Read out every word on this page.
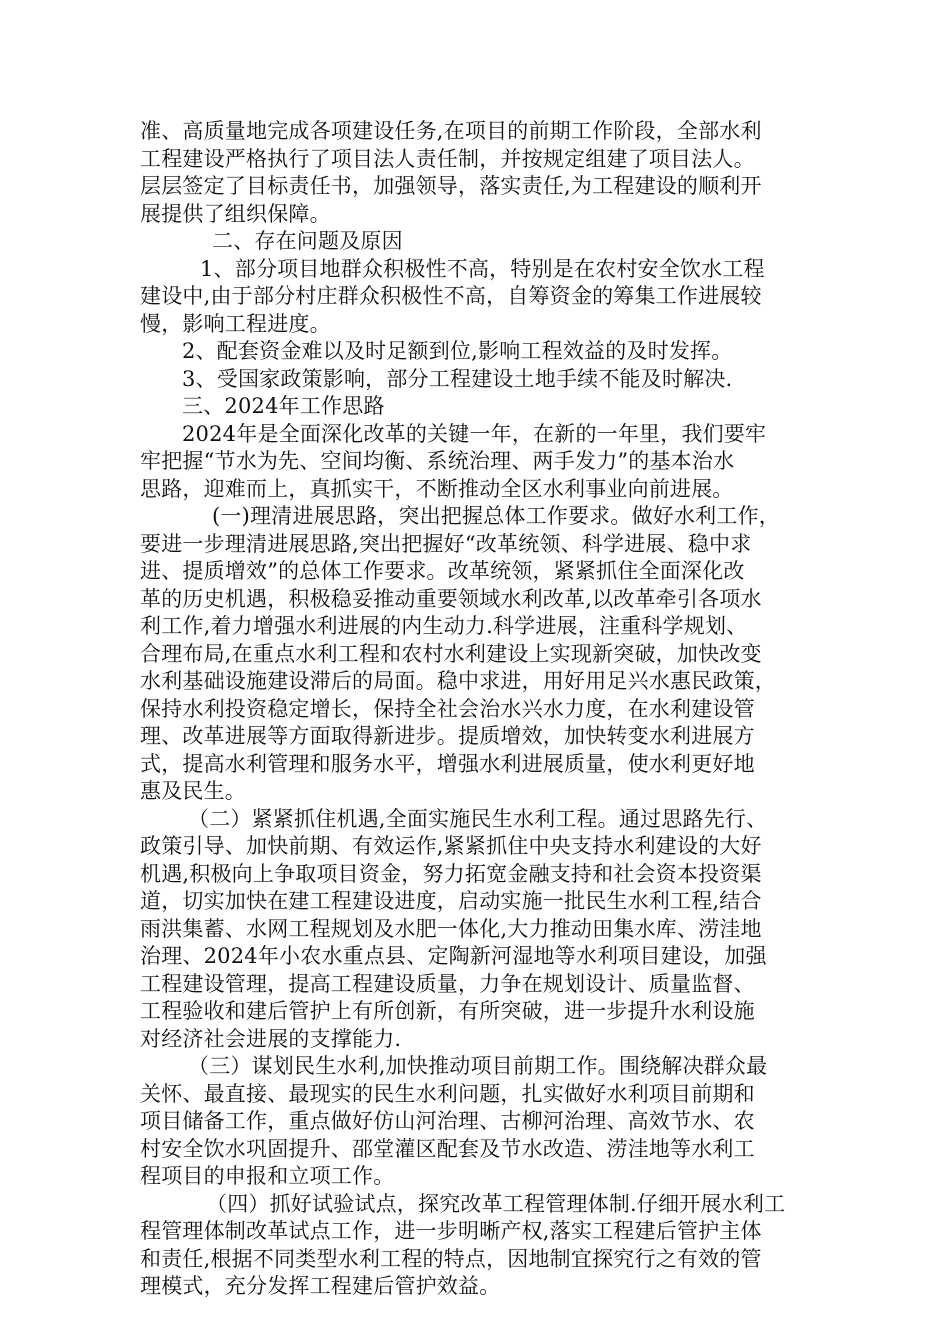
准、高质量地完成各项建设任务,在项目的前期工作阶段，全部水利

工程建设严格执行了项目法人责任制，并按规定组建了项目法人。

层层签定了目标责任书，加强领导，落实责任,为工程建设的顺利开

展提供了组织保障。

二、存在问题及原因

1、部分项目地群众积极性不高，特别是在农村安全饮水工程

建设中,由于部分村庄群众积极性不高，自筹资金的筹集工作进展较

慢，影响工程进度。

2、配套资金难以及时足额到位,影响工程效益的及时发挥。

3、受国家政策影响，部分工程建设土地手续不能及时解决.

三、2024年工作思路

2024年是全面深化改革的关键一年，在新的一年里，我们要牢

牢把握“节水为先、空间均衡、系统治理、两手发力”的基本治水

思路，迎难而上，真抓实干，不断推动全区水利事业向前进展。

(一)理清进展思路，突出把握总体工作要求。做好水利工作，

要进一步理清进展思路,突出把握好“改革统领、科学进展、稳中求

进、提质增效”的总体工作要求。改革统领，紧紧抓住全面深化改

革的历史机遇，积极稳妥推动重要领域水利改革,以改革牵引各项水

利工作,着力增强水利进展的内生动力.科学进展，注重科学规划、

合理布局,在重点水利工程和农村水利建设上实现新突破，加快改变

水利基础设施建设滞后的局面。稳中求进，用好用足兴水惠民政策，

保持水利投资稳定增长，保持全社会治水兴水力度，在水利建设管

理、改革进展等方面取得新进步。提质增效，加快转变水利进展方

式，提高水利管理和服务水平，增强水利进展质量，使水利更好地

惠及民生。

（二）紧紧抓住机遇,全面实施民生水利工程。通过思路先行、

政策引导、加快前期、有效运作,紧紧抓住中央支持水利建设的大好

机遇,积极向上争取项目资金，努力拓宽金融支持和社会资本投资渠

道，切实加快在建工程建设进度，启动实施一批民生水利工程,结合

雨洪集蓄、水网工程规划及水肥一体化,大力推动田集水库、涝洼地

治理、2024年小农水重点县、定陶新河湿地等水利项目建设，加强

工程建设管理，提高工程建设质量，力争在规划设计、质量监督、

工程验收和建后管护上有所创新，有所突破，进一步提升水利设施

对经济社会进展的支撑能力.

（三）谋划民生水利,加快推动项目前期工作。围绕解决群众最

关怀、最直接、最现实的民生水利问题，扎实做好水利项目前期和

项目储备工作，重点做好仿山河治理、古柳河治理、高效节水、农

村安全饮水巩固提升、邵堂灌区配套及节水改造、涝洼地等水利工

程项目的申报和立项工作。

（四）抓好试验试点，探究改革工程管理体制.仔细开展水利工

程管理体制改革试点工作，进一步明晰产权,落实工程建后管护主体

和责任,根据不同类型水利工程的特点，因地制宜探究行之有效的管

理模式，充分发挥工程建后管护效益。
